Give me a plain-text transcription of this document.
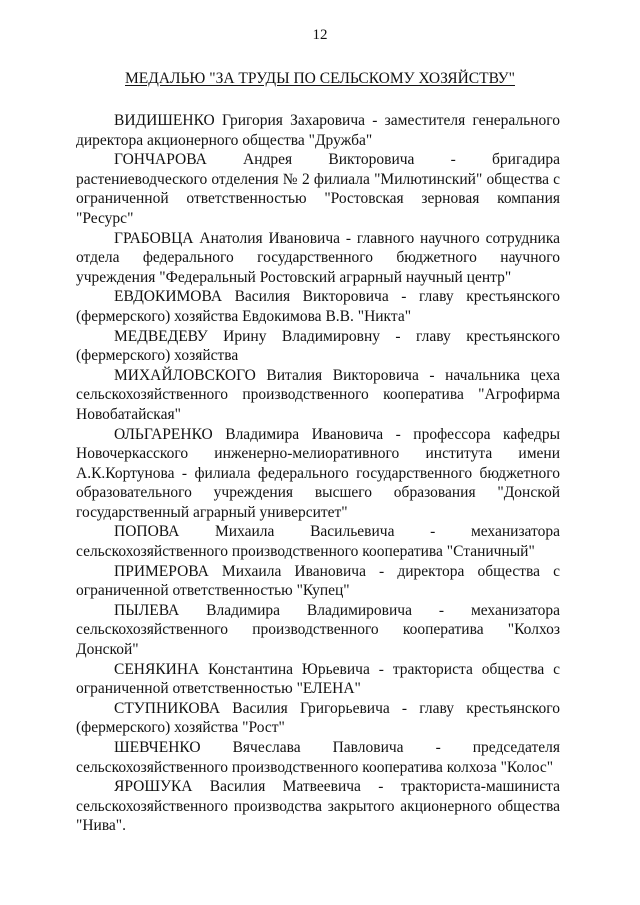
12
МЕДАЛЬЮ "ЗА ТРУДЫ ПО СЕЛЬСКОМУ ХОЗЯЙСТВУ"

ВИДИШЕНКО Григория Захаровича - заместителя генерального директора акционерного общества "Дружба"

ГОНЧАРОВА Андрея Викторовича - бригадира растениеводческого отделения № 2 филиала "Милютинский" общества с ограниченной ответственностью "Ростовская зерновая компания "Ресурс"

ГРАБОВЦА Анатолия Ивановича - главного научного сотрудника отдела федерального государственного бюджетного научного учреждения "Федеральный Ростовский аграрный научный центр"

ЕВДОКИМОВА Василия Викторовича - главу крестьянского (фермерского) хозяйства Евдокимова В.В. "Никта"

МЕДВЕДЕВУ Ирину Владимировну - главу крестьянского (фермерского) хозяйства

МИХАЙЛОВСКОГО Виталия Викторовича - начальника цеха сельскохозяйственного производственного кооператива "Агрофирма Новобатайская"

ОЛЬГАРЕНКО Владимира Ивановича - профессора кафедры Новочеркасского инженерно-мелиоративного института имени А.К.Кортунова - филиала федерального государственного бюджетного образовательного учреждения высшего образования "Донской государственный аграрный университет"

ПОПОВА Михаила Васильевича - механизатора сельскохозяйственного производственного кооператива "Станичный"

ПРИМЕРОВА Михаила Ивановича - директора общества с ограниченной ответственностью "Купец"

ПЫЛЕВА Владимира Владимировича - механизатора сельскохозяйственного производственного кооператива "Колхоз Донской"

СЕНЯКИНА Константина Юрьевича - тракториста общества с ограниченной ответственностью "ЕЛЕНА"

СТУПНИКОВА Василия Григорьевича - главу крестьянского (фермерского) хозяйства "Рост"

ШЕВЧЕНКО Вячеслава Павловича - председателя сельскохозяйственного производственного кооператива колхоза "Колос"

ЯРОШУКА Василия Матвеевича - тракториста-машиниста сельскохозяйственного производства закрытого акционерного общества "Нива".
